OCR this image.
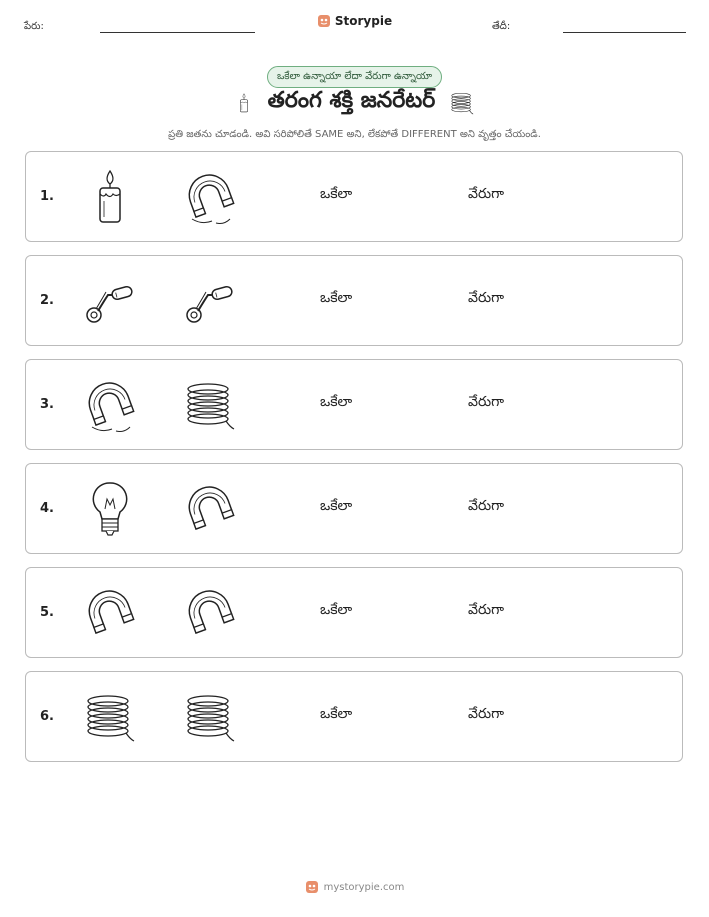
పేరు:	Storypie	తేదీ:
ఒకేలా ఉన్నాయా లేదా వేరుగా ఉన్నాయా
తరంగ శక్తి జనరేటర్
ప్రతి జతను చూడండి. అవి సరిపోలితే SAME అని, లేకపోతే DIFFERENT అని వృత్తం చేయండి.
1.	ఒకేలా	వేరుగా
2.	ఒకేలా	వేరుగా
3.	ఒకేలా	వేరుగా
4.	ఒకేలా	వేరుగా
5.	ఒకేలా	వేరుగా
6.	ఒకేలా	వేరుగా
mystorypie.com
